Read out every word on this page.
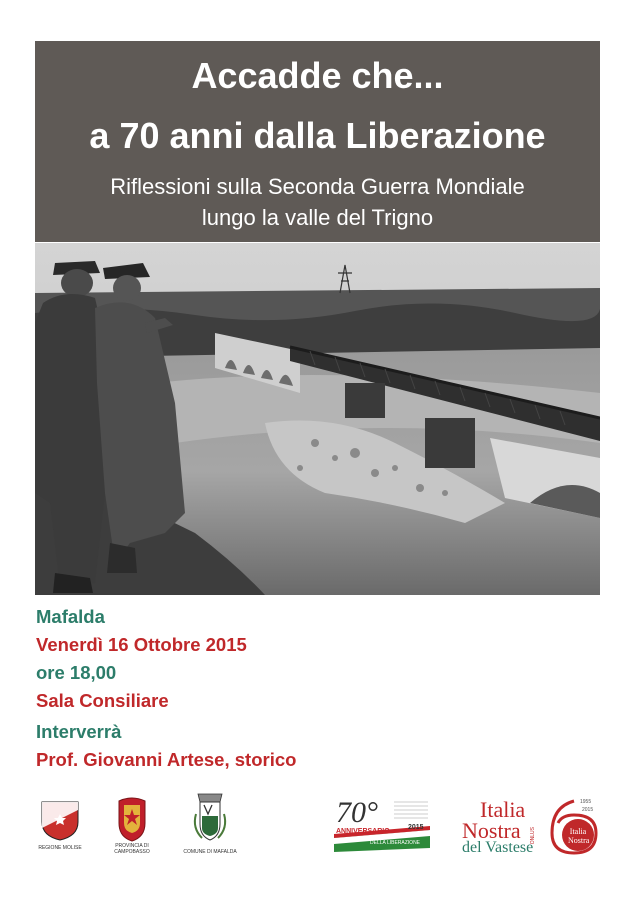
Accadde che...
a 70 anni dalla Liberazione
Riflessioni sulla Seconda Guerra Mondiale
lungo la valle del Trigno
Mafalda
Venerdì 16 Ottobre 2015
ore 18,00
Sala Consiliare
Interverrà
Prof. Giovanni Artese, storico
REGIONE MOLISE	PROVINCIA DI
CAMPOBASSO	COMUNE DI MAFALDA
70°
ANNIVERSARIO
DELLA LIBERAZIONE
2015
Italia
Nostra ONLUS
del Vastese
1955
2015
Italia
Nostra
